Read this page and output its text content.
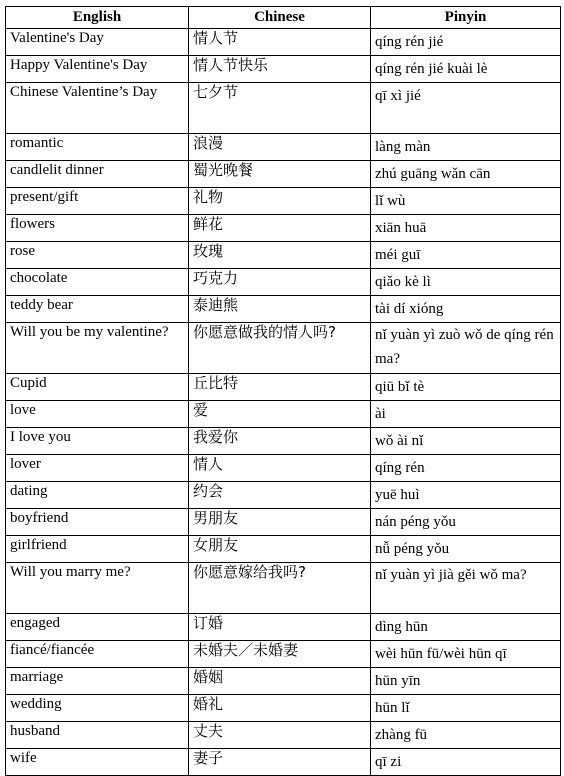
English	Chinese	Pinyin
Valentine's Day	情人节	qíng rén jié
Happy Valentine's Day	情人节快乐	qíng rén jié kuài lè
Chinese Valentine’s Day	七夕节	qī xì jié
romantic	浪漫	làng màn
candlelit dinner	蜀光晚餐	zhú guāng wǎn cān
present/gift	礼物	lǐ wù
flowers	鲜花	xiān huā
rose	玫瑰	méi guī
chocolate	巧克力	qiǎo kè lì
teddy bear	泰迪熊	tài dí xióng
Will you be my valentine?	你愿意做我的情人吗?	nǐ yuàn yì zuò wǒ de qíng rén ma?

Cupid	丘比特	qiū bǐ tè
love	爱	ài
I love you	我爱你	wǒ ài nǐ
lover	情人	qíng rén
dating	约会	yuē huì
boyfriend	男朋友	nán péng yǒu
girlfriend	女朋友	nǚ péng yǒu
Will you marry me?	你愿意嫁给我吗?	nǐ yuàn yì jià gěi wǒ ma?

engaged	订婚	dìng hūn
fiancé/fiancée	未婚夫／未婚妻	wèi hūn fū/wèi hūn qī
marriage	婚姻	hūn yīn
wedding	婚礼	hūn lǐ
husband	丈夫	zhàng fū
wife	妻子	qī zi
